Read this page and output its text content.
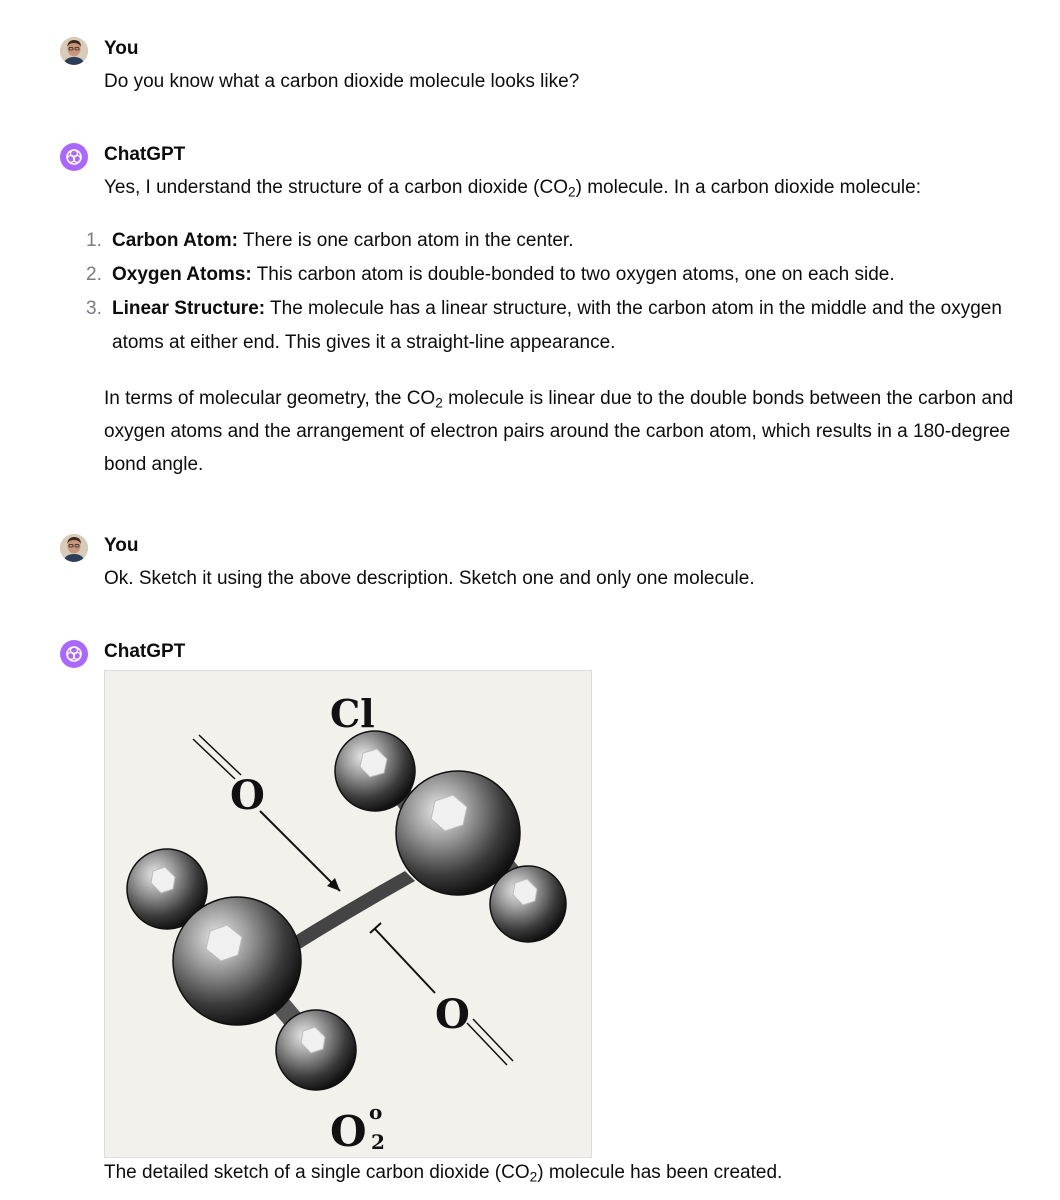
You

Do you know what a carbon dioxide molecule looks like?

ChatGPT

Yes, I understand the structure of a carbon dioxide $(CO_2)$ molecule. In a carbon dioxide molecule:

1. Carbon Atom: There is one carbon atom in the center.
2. Oxygen Atoms: This carbon atom is double-bonded to two oxygen atoms, one on each side.
3. Linear Structure: The molecule has a linear structure, with the carbon atom in the middle and the oxygen atoms at either end. This gives it a straight-line appearance.

In terms of molecular geometry, the $CO_2$ molecule is linear due to the double bonds between the carbon and oxygen atoms and the arrangement of electron pairs around the carbon atom, which results in a 180-degree bond angle.

You

Ok. Sketch it using the above description. Sketch one and only one molecule.

ChatGPT
Cl
O
O
O o
2
The detailed sketch of a single carbon dioxide $(CO_2)$ molecule has been created.
